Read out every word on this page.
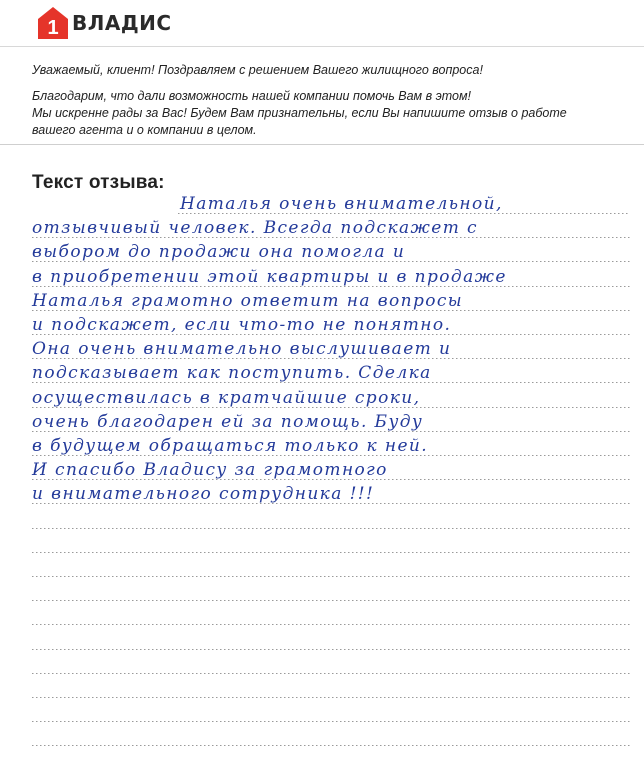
1 ВЛАДИС
Уважаемый, клиент! Поздравляем с решением Вашего жилищного вопроса!
Благодарим, что дали возможность нашей компании помочь Вам в этом!
Мы искренне рады за Вас! Будем Вам признательны, если Вы напишите отзыв о работе
вашего агента и о компании в целом.
Текст отзыва:
Наталья очень внимательной,
отзывчивый человек. Всегда подскажет с
выбором до продажи она помогла и
в приобретении этой квартиры и в продаже
Наталья грамотно ответит на вопросы
и подскажет, если что-то не понятно.
Она очень внимательно выслушивает и
подсказывает как поступить. Сделка
осуществилась в кратчайшие сроки,
очень благодарен ей за помощь. Буду
в будущем обращаться только к ней.
И спасибо Владису за грамотного
и внимательного сотрудника !!!
